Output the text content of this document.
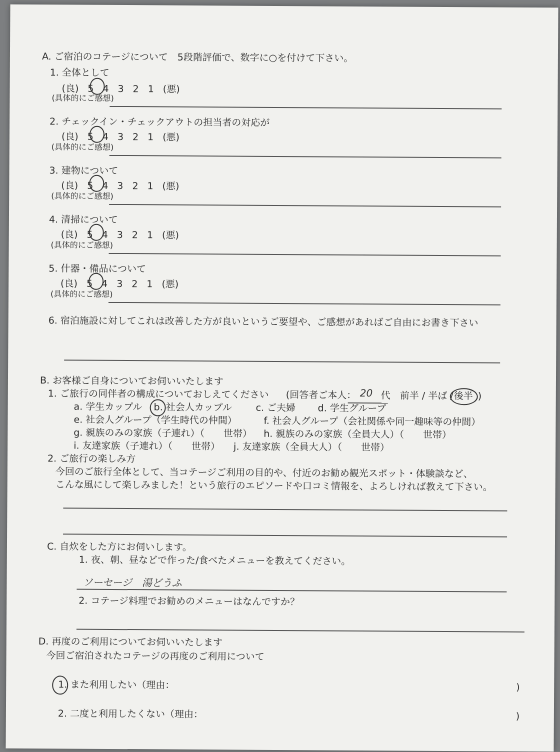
A. ご宿泊のコテージについて　5段階評価で、数字に○を付けて下さい。
1. 全体として
(良) 5 4 3 2 1 (悪)
(具体的にご感想)
2. チェックイン・チェックアウトの担当者の対応が
(良) 5 4 3 2 1 (悪)
(具体的にご感想)
3. 建物について
(良) 5 4 3 2 1 (悪)
(具体的にご感想)
4. 清掃について
(良) 5 4 3 2 1 (悪)
(具体的にご感想)
5. 什器・備品について
(良) 5 4 3 2 1 (悪)
(具体的にご感想)
6. 宿泊施設に対してこれは改善した方が良いというご要望や、ご感想があればご自由にお書き下さい
B. お客様ご自身についてお伺いいたします
1. ご旅行の同伴者の構成についておしえてください (回答者ご本人： 20 代　前半 / 半ば / 後半 )
a. 学生カップル b. 社会人カップル	c. ご夫婦 d. 学生グループ
e. 社会人グループ（学生時代の仲間）	f. 社会人グループ（会社関係や同一趣味等の仲間）
g. 親族のみの家族（子連れ）（　　世帯） h. 親族のみの家族（全員大人）（　　世帯）
i. 友達家族（子連れ）（　　世帯） j. 友達家族（全員大人）（　　世帯）
2. ご旅行の楽しみ方
今回のご旅行全体として、当コテージご利用の目的や、付近のお勧め観光スポット・体験談など、
こんな風にして楽しみました！という旅行のエピソードや口コミ情報を、よろしければ教えて下さい。
C. 自炊をした方にお伺いします。
1. 夜、朝、昼などで作った/食べたメニューを教えてください。
ソーセージ　湯どうふ
2. コテージ料理でお勧めのメニューはなんですか？
D. 再度のご利用についてお伺いいたします
今回ご宿泊されたコテージの再度のご利用について
1. また利用したい（理由：	)
2. 二度と利用したくない（理由：	)
